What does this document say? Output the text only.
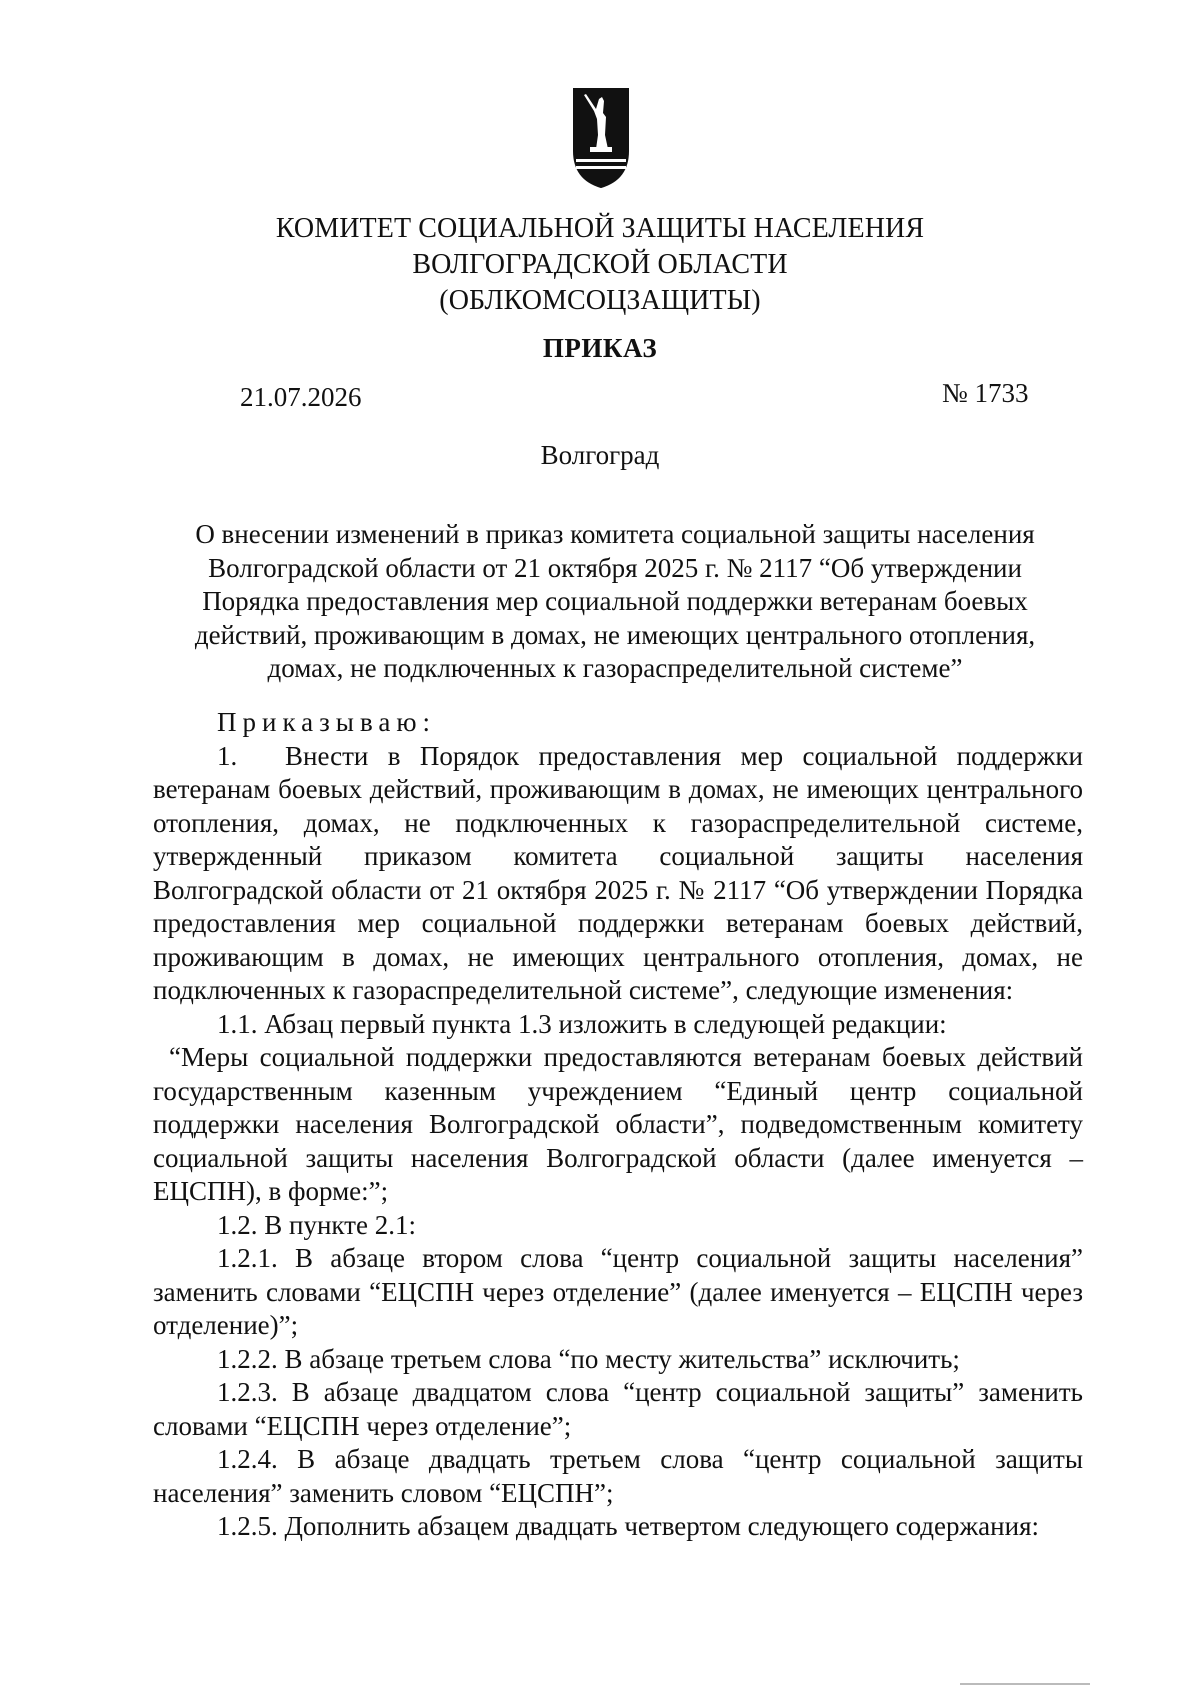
КОМИТЕТ СОЦИАЛЬНОЙ ЗАЩИТЫ НАСЕЛЕНИЯ
ВОЛГОГРАДСКОЙ ОБЛАСТИ
(ОБЛКОМСОЦЗАЩИТЫ)
ПРИКАЗ
21.07.2026	№ 1733
Волгоград
О внесении изменений в приказ комитета социальной защиты населения
Волгоградской области от 21 октября 2025 г. № 2117 “Об утверждении
Порядка предоставления мер социальной поддержки ветеранам боевых
действий, проживающим в домах, не имеющих центрального отопления,
домах, не подключенных к газораспределительной системе”

Приказываю:

1. Внести в Порядок предоставления мер социальной поддержки ветеранам боевых действий, проживающим в домах, не имеющих центрального отопления, домах, не подключенных к газораспределительной системе, утвержденный приказом комитета социальной защиты населения Волгоградской области от 21 октября 2025 г. № 2117 “Об утверждении Порядка предоставления мер социальной поддержки ветеранам боевых действий, проживающим в домах, не имеющих центрального отопления, домах, не подключенных к газораспределительной системе”, следующие изменения:

1.1. Абзац первый пункта 1.3 изложить в следующей редакции:

“Меры социальной поддержки предоставляются ветеранам боевых действий государственным казенным учреждением “Единый центр социальной поддержки населения Волгоградской области”, подведомственным комитету социальной защиты населения Волгоградской области (далее именуется – ЕЦСПН), в форме:”;

1.2. В пункте 2.1:

1.2.1. В абзаце втором слова “центр социальной защиты населения” заменить словами “ЕЦСПН через отделение” (далее именуется – ЕЦСПН через отделение)”;

1.2.2. В абзаце третьем слова “по месту жительства” исключить;

1.2.3. В абзаце двадцатом слова “центр социальной защиты” заменить словами “ЕЦСПН через отделение”;

1.2.4. В абзаце двадцать третьем слова “центр социальной защиты населения” заменить словом “ЕЦСПН”;

1.2.5. Дополнить абзацем двадцать четвертом следующего содержания:
